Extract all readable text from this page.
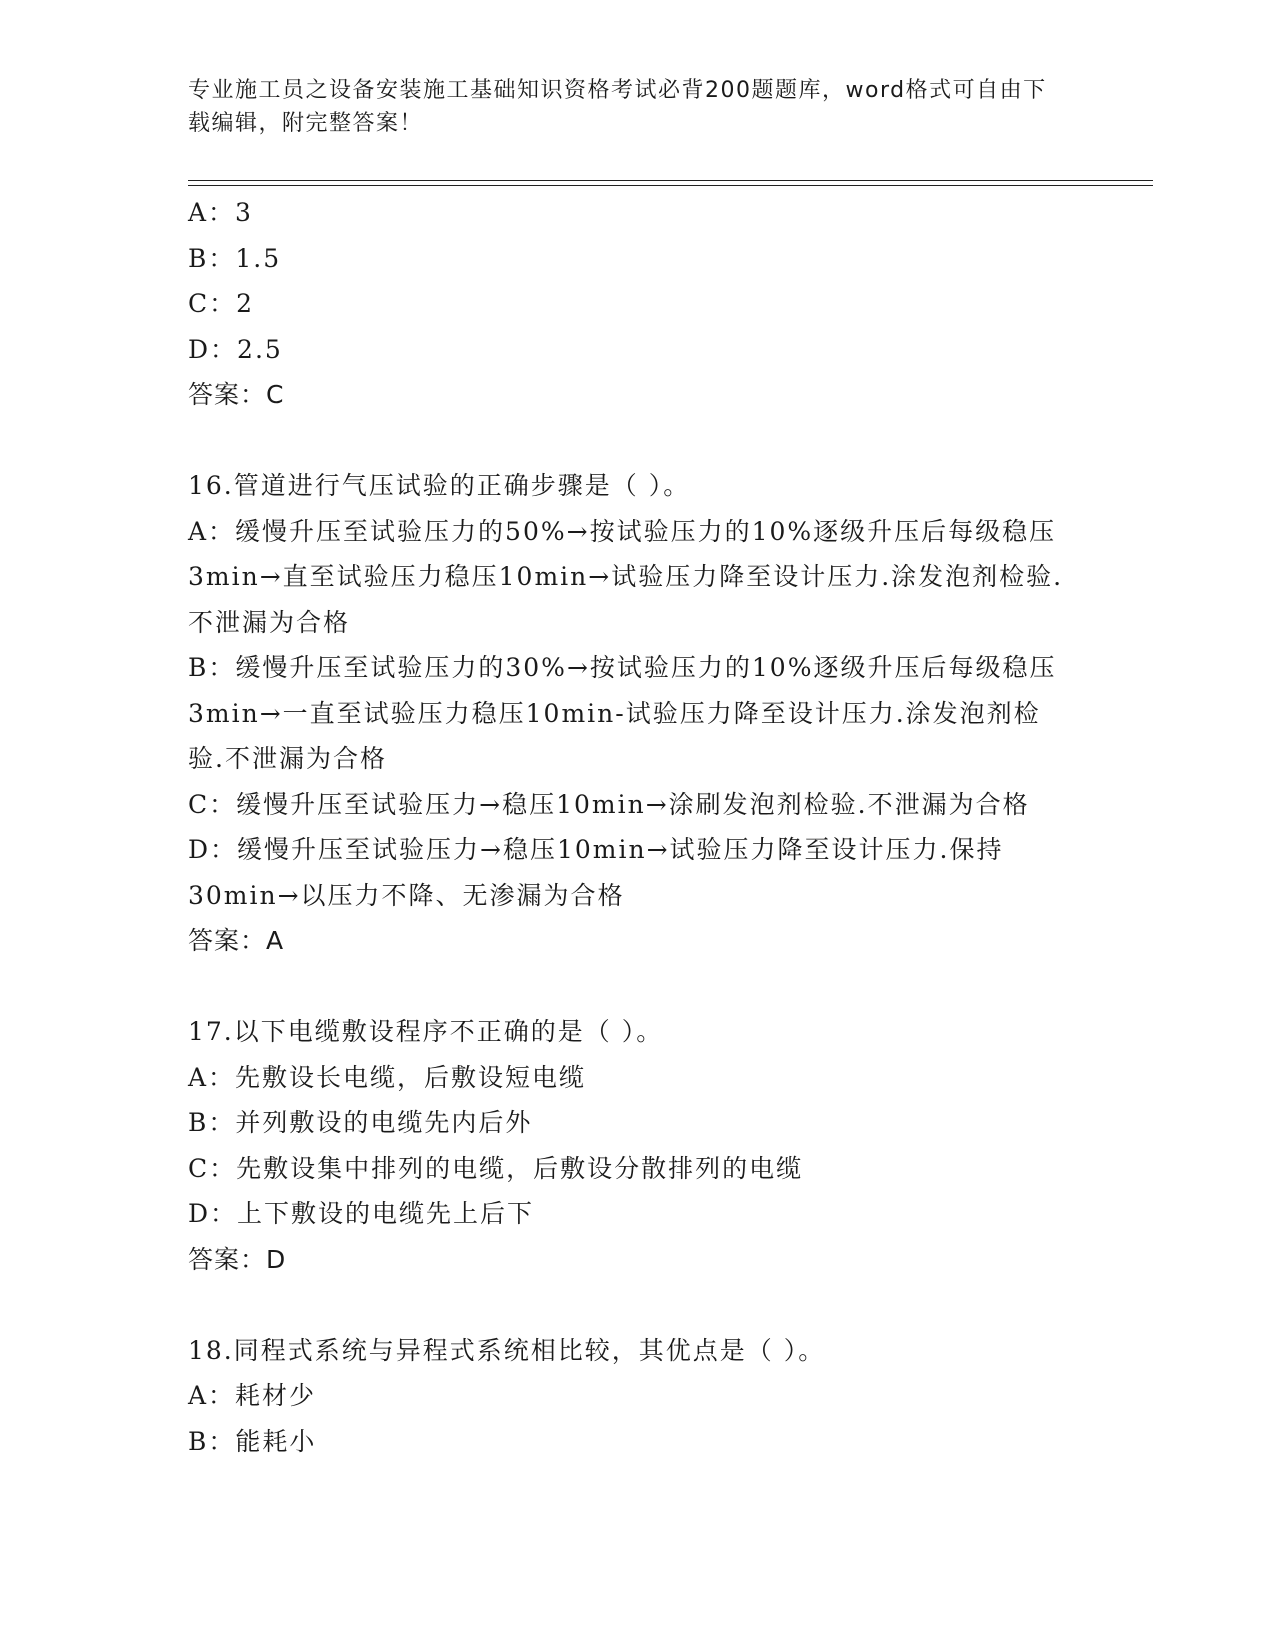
专业施工员之设备安装施工基础知识资格考试必背200题题库，word格式可自由下载编辑，附完整答案！

A：3

B：1.5

C：2

D：2.5

答案：C

16.管道进行气压试验的正确步骤是（ ）。

A：缓慢升压至试验压力的50%→按试验压力的10%逐级升压后每级稳压3min→直至试验压力稳压10min→试验压力降至设计压力.涂发泡剂检验.不泄漏为合格

B：缓慢升压至试验压力的30%→按试验压力的10%逐级升压后每级稳压3min→一直至试验压力稳压10min-试验压力降至设计压力.涂发泡剂检验.不泄漏为合格

C：缓慢升压至试验压力→稳压10min→涂刷发泡剂检验.不泄漏为合格

D：缓慢升压至试验压力→稳压10min→试验压力降至设计压力.保持30min→以压力不降、无渗漏为合格

答案：A

17.以下电缆敷设程序不正确的是（ ）。

A：先敷设长电缆，后敷设短电缆

B：并列敷设的电缆先内后外

C：先敷设集中排列的电缆，后敷设分散排列的电缆

D：上下敷设的电缆先上后下

答案：D

18.同程式系统与异程式系统相比较，其优点是（ ）。

A：耗材少

B：能耗小
